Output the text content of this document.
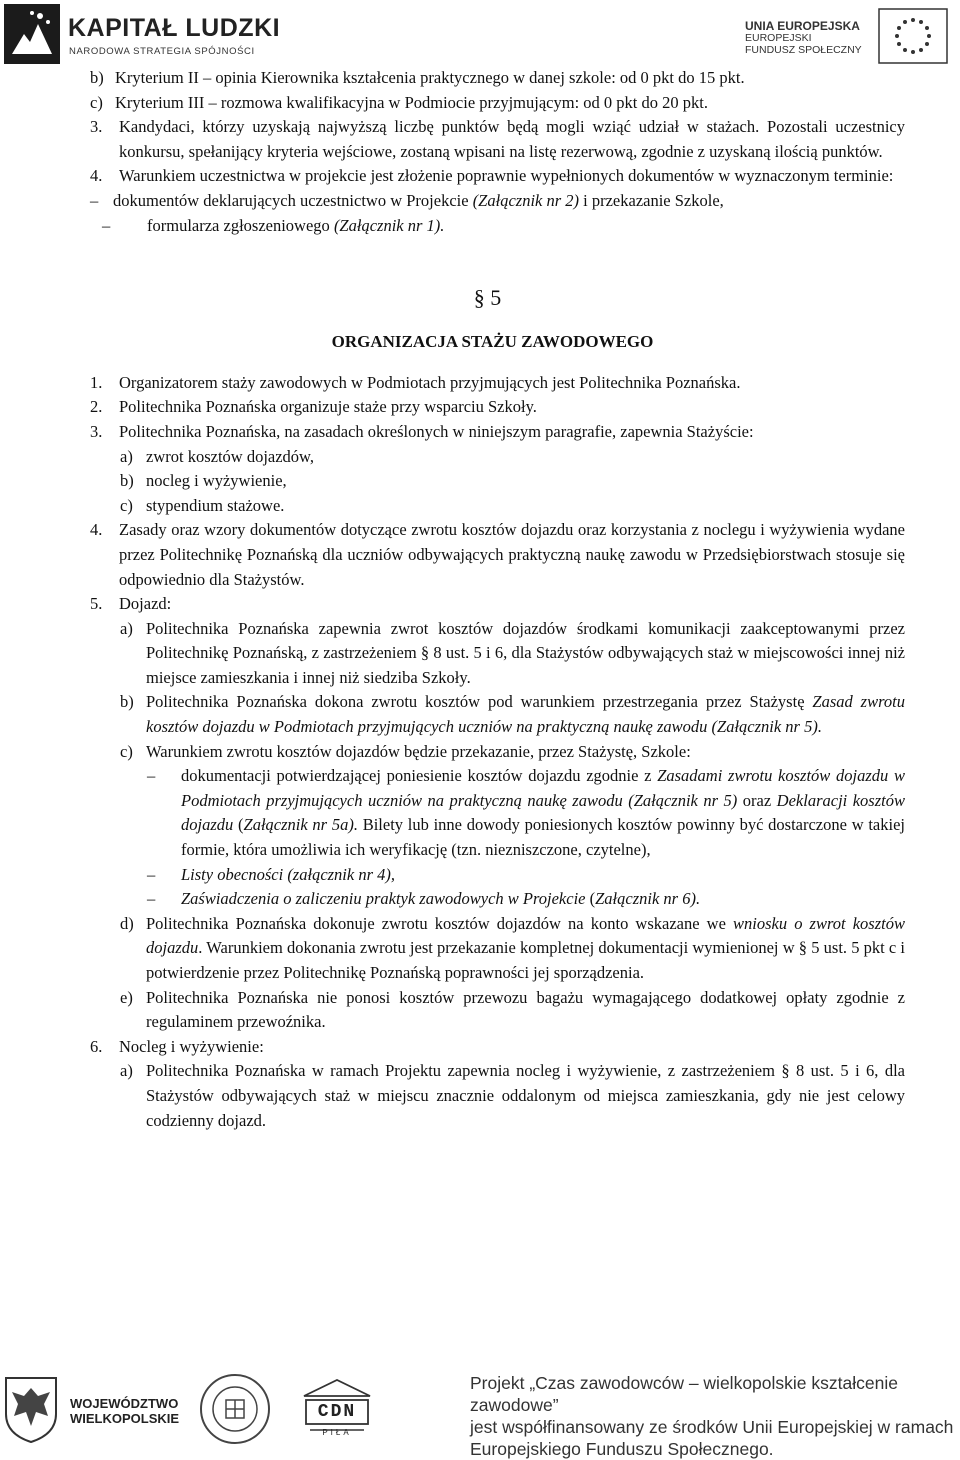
KAPITAŁ LUDZKI
NARODOWA STRATEGIA SPÓJNOŚCI
UNIA EUROPEJSKA
EUROPEJSKI
FUNDUSZ SPOŁECZNY
b) Kryterium II – opinia Kierownika kształcenia praktycznego w danej szkole: od 0 pkt do 15 pkt.
c) Kryterium III – rozmowa kwalifikacyjna w Podmiocie przyjmującym: od 0 pkt do 20 pkt.
3. Kandydaci, którzy uzyskają najwyższą liczbę punktów będą mogli wziąć udział w stażach. Pozostali uczestnicy konkursu, spełanijący kryteria wejściowe, zostaną wpisani na listę rezerwową, zgodnie z uzyskaną ilością punktów.
4. Warunkiem uczestnictwa w projekcie jest złożenie poprawnie wypełnionych dokumentów w wyznaczonym terminie:
– dokumentów deklarujących uczestnictwo w Projekcie (Załącznik nr 2) i przekazanie Szkole,
– formularza zgłoszeniowego (Załącznik nr 1).
§ 5
ORGANIZACJA STAŻU ZAWODOWEGO
1. Organizatorem staży zawodowych w Podmiotach przyjmujących jest Politechnika Poznańska.
2. Politechnika Poznańska organizuje staże przy wsparciu Szkoły.
3. Politechnika Poznańska, na zasadach określonych w niniejszym paragrafie, zapewnia Stażyście:
a) zwrot kosztów dojazdów,
b) nocleg i wyżywienie,
c) stypendium stażowe.
4. Zasady oraz wzory dokumentów dotyczące zwrotu kosztów dojazdu oraz korzystania z noclegu i wyżywienia wydane przez Politechnikę Poznańską dla uczniów odbywających praktyczną naukę zawodu w Przedsiębiorstwach stosuje się odpowiednio dla Stażystów.
5. Dojazd:
a) Politechnika Poznańska zapewnia zwrot kosztów dojazdów środkami komunikacji zaakceptowanymi przez Politechnikę Poznańską, z zastrzeżeniem § 8 ust. 5 i 6, dla Stażystów odbywających staż w miejscowości innej niż miejsce zamieszkania i innej niż siedziba Szkoły.
b) Politechnika Poznańska dokona zwrotu kosztów pod warunkiem przestrzegania przez Stażystę Zasad zwrotu kosztów dojazdu w Podmiotach przyjmujących uczniów na praktyczną naukę zawodu (Załącznik nr 5).
c) Warunkiem zwrotu kosztów dojazdów będzie przekazanie, przez Stażystę, Szkole:
– dokumentacji potwierdzającej poniesienie kosztów dojazdu zgodnie z Zasadami zwrotu kosztów dojazdu w Podmiotach przyjmujących uczniów na praktyczną naukę zawodu (Załącznik nr 5) oraz Deklaracji kosztów dojazdu (Załącznik nr 5a). Bilety lub inne dowody poniesionych kosztów powinny być dostarczone w takiej formie, która umożliwia ich weryfikację (tzn. niezniszczone, czytelne),
– Listy obecności (załącznik nr 4),
– Zaświadczenia o zaliczeniu praktyk zawodowych w Projekcie (Załącznik nr 6).
d) Politechnika Poznańska dokonuje zwrotu kosztów dojazdów na konto wskazane we wniosku o zwrot kosztów dojazdu. Warunkiem dokonania zwrotu jest przekazanie kompletnej dokumentacji wymienionej w § 5 ust. 5 pkt c i potwierdzenie przez Politechnikę Poznańską poprawności jej sporządzenia.
e) Politechnika Poznańska nie ponosi kosztów przewozu bagażu wymagającego dodatkowej opłaty zgodnie z regulaminem przewoźnika.
6. Nocleg i wyżywienie:
a) Politechnika Poznańska w ramach Projektu zapewnia nocleg i wyżywienie, z zastrzeżeniem § 8 ust. 5 i 6, dla Stażystów odbywających staż w miejscu znacznie oddalonym od miejsca zamieszkania, gdy nie jest celowy codzienny dojazd.
WOJEWÓDZTWO
WIELKOPOLSKIE	CDN
PIŁA
Projekt „Czas zawodowców – wielkopolskie kształcenie zawodowe”
jest współfinansowany ze środków Unii Europejskiej w ramach
Europejskiego Funduszu Społecznego.
